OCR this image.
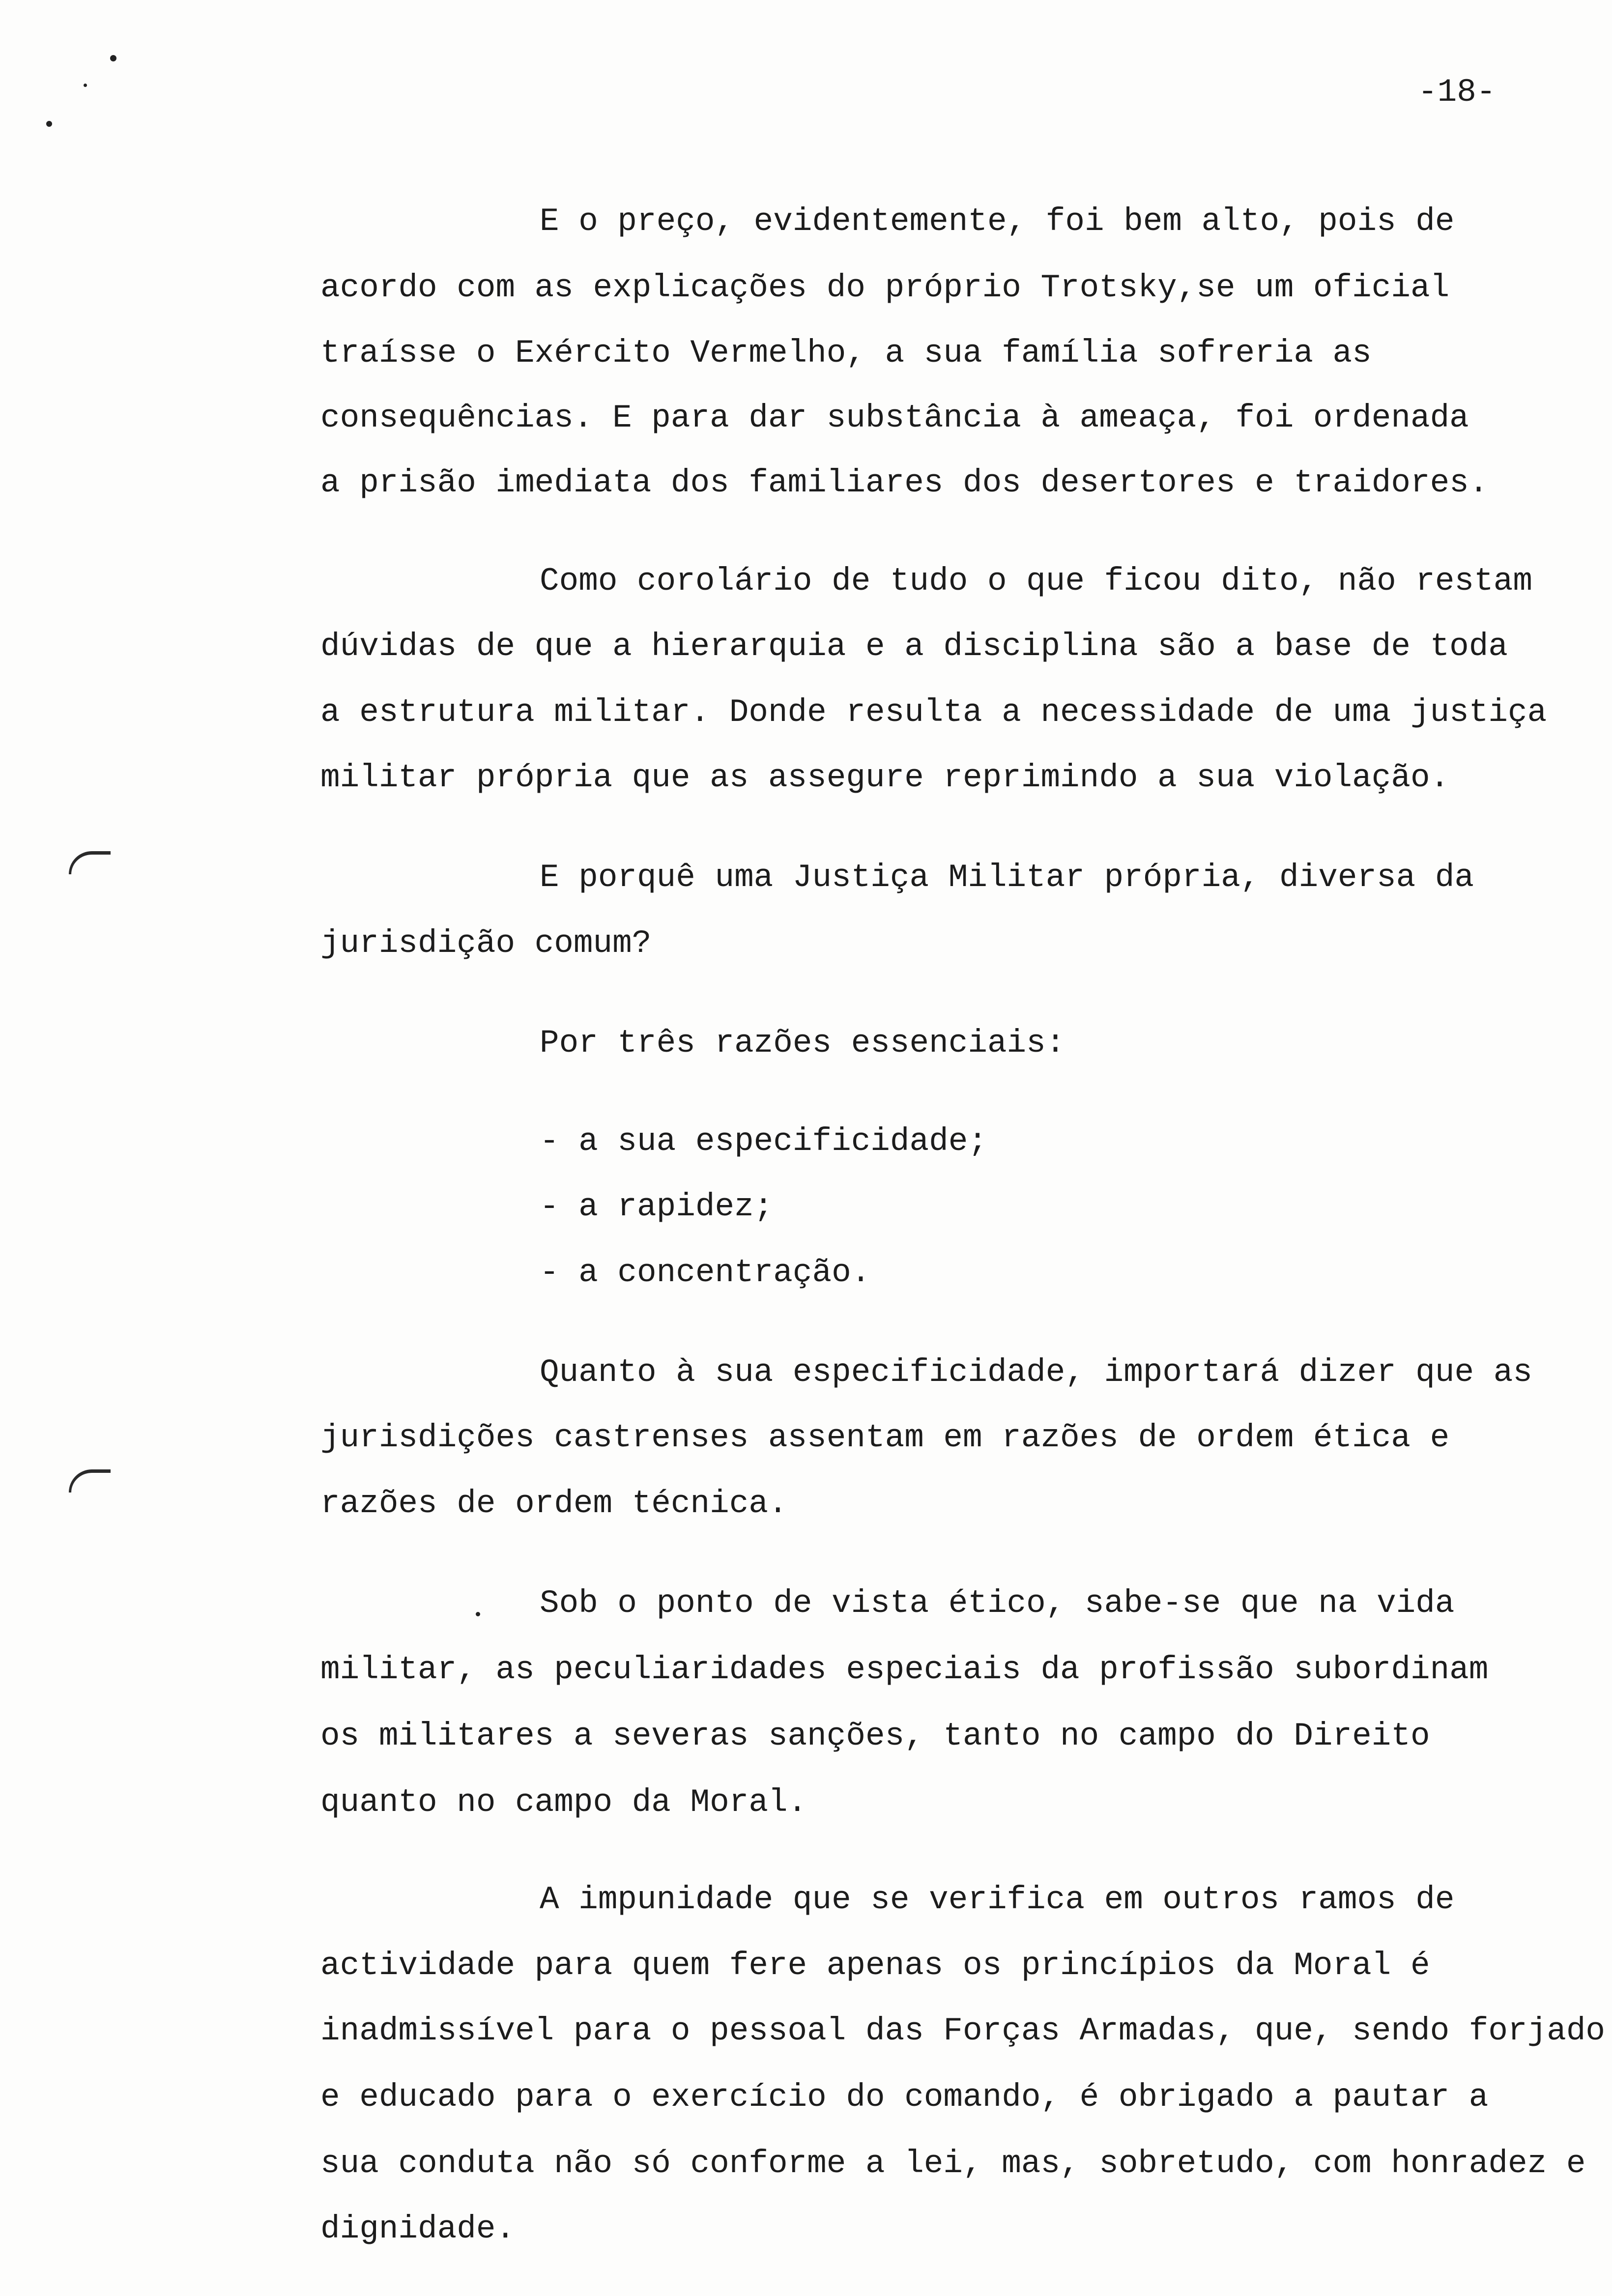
-18-
E o preço, evidentemente, foi bem alto, pois de
acordo com as explicações do próprio Trotsky,se um oficial
traísse o Exército Vermelho, a sua família sofreria as
consequências. E para dar substância à ameaça, foi ordenada
a prisão imediata dos familiares dos desertores e traidores.
Como corolário de tudo o que ficou dito, não restam
dúvidas de que a hierarquia e a disciplina são a base de toda
a estrutura militar. Donde resulta a necessidade de uma justiça
militar própria que as assegure reprimindo a sua violação.
E porquê uma Justiça Militar própria, diversa da
jurisdição comum?
Por três razões essenciais:
- a sua especificidade;
- a rapidez;
- a concentração.
Quanto à sua especificidade, importará dizer que as
jurisdições castrenses assentam em razões de ordem ética e
razões de ordem técnica.
Sob o ponto de vista ético, sabe-se que na vida
militar, as peculiaridades especiais da profissão subordinam
os militares a severas sanções, tanto no campo do Direito
quanto no campo da Moral.
A impunidade que se verifica em outros ramos de
actividade para quem fere apenas os princípios da Moral é
inadmissível para o pessoal das Forças Armadas, que, sendo forjado
e educado para o exercício do comando, é obrigado a pautar a
sua conduta não só conforme a lei, mas, sobretudo, com honradez e
dignidade.
